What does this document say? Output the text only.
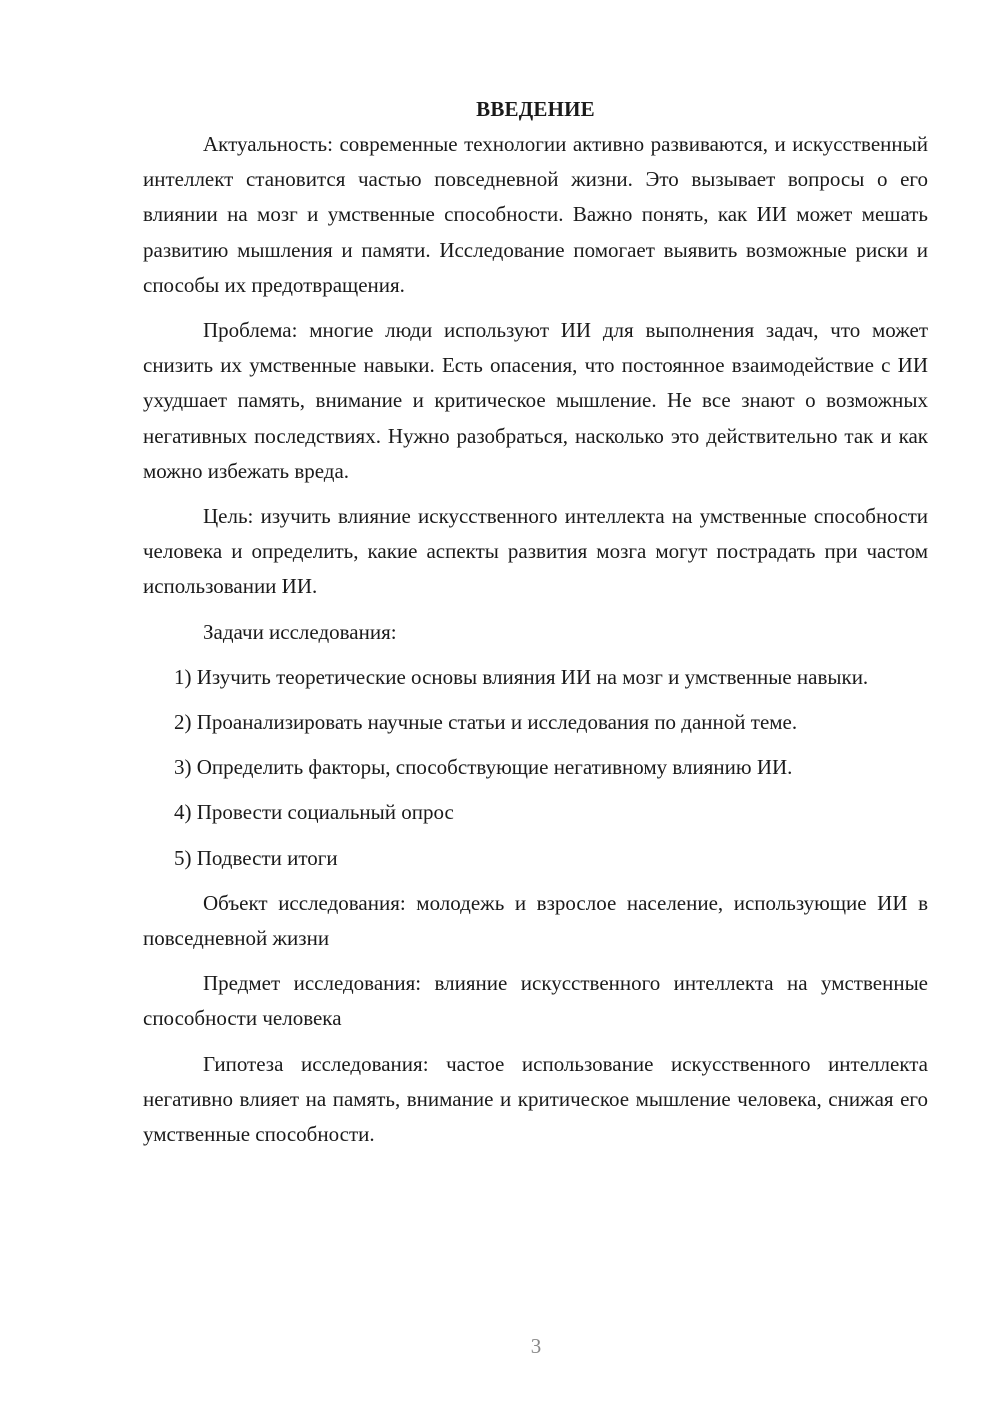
ВВЕДЕНИЕ

Актуальность: современные технологии активно развиваются, и искусственный интеллект становится частью повседневной жизни. Это вызывает вопросы о его влиянии на мозг и умственные способности. Важно понять, как ИИ может мешать развитию мышления и памяти. Исследование помогает выявить возможные риски и способы их предотвращения.

Проблема: многие люди используют ИИ для выполнения задач, что может снизить их умственные навыки. Есть опасения, что постоянное взаимодействие с ИИ ухудшает память, внимание и критическое мышление. Не все знают о возможных негативных последствиях. Нужно разобраться, насколько это действительно так и как можно избежать вреда.

Цель: изучить влияние искусственного интеллекта на умственные способности человека и определить, какие аспекты развития мозга могут пострадать при частом использовании ИИ.

Задачи исследования:

1) Изучить теоретические основы влияния ИИ на мозг и умственные навыки.

2) Проанализировать научные статьи и исследования по данной теме.

3) Определить факторы, способствующие негативному влиянию ИИ.

4) Провести социальный опрос

5) Подвести итоги

Объект исследования: молодежь и взрослое население, использующие ИИ в повседневной жизни

Предмет исследования: влияние искусственного интеллекта на умственные способности человека

Гипотеза исследования: частое использование искусственного интеллекта негативно влияет на память, внимание и критическое мышление человека, снижая его умственные способности.

3
